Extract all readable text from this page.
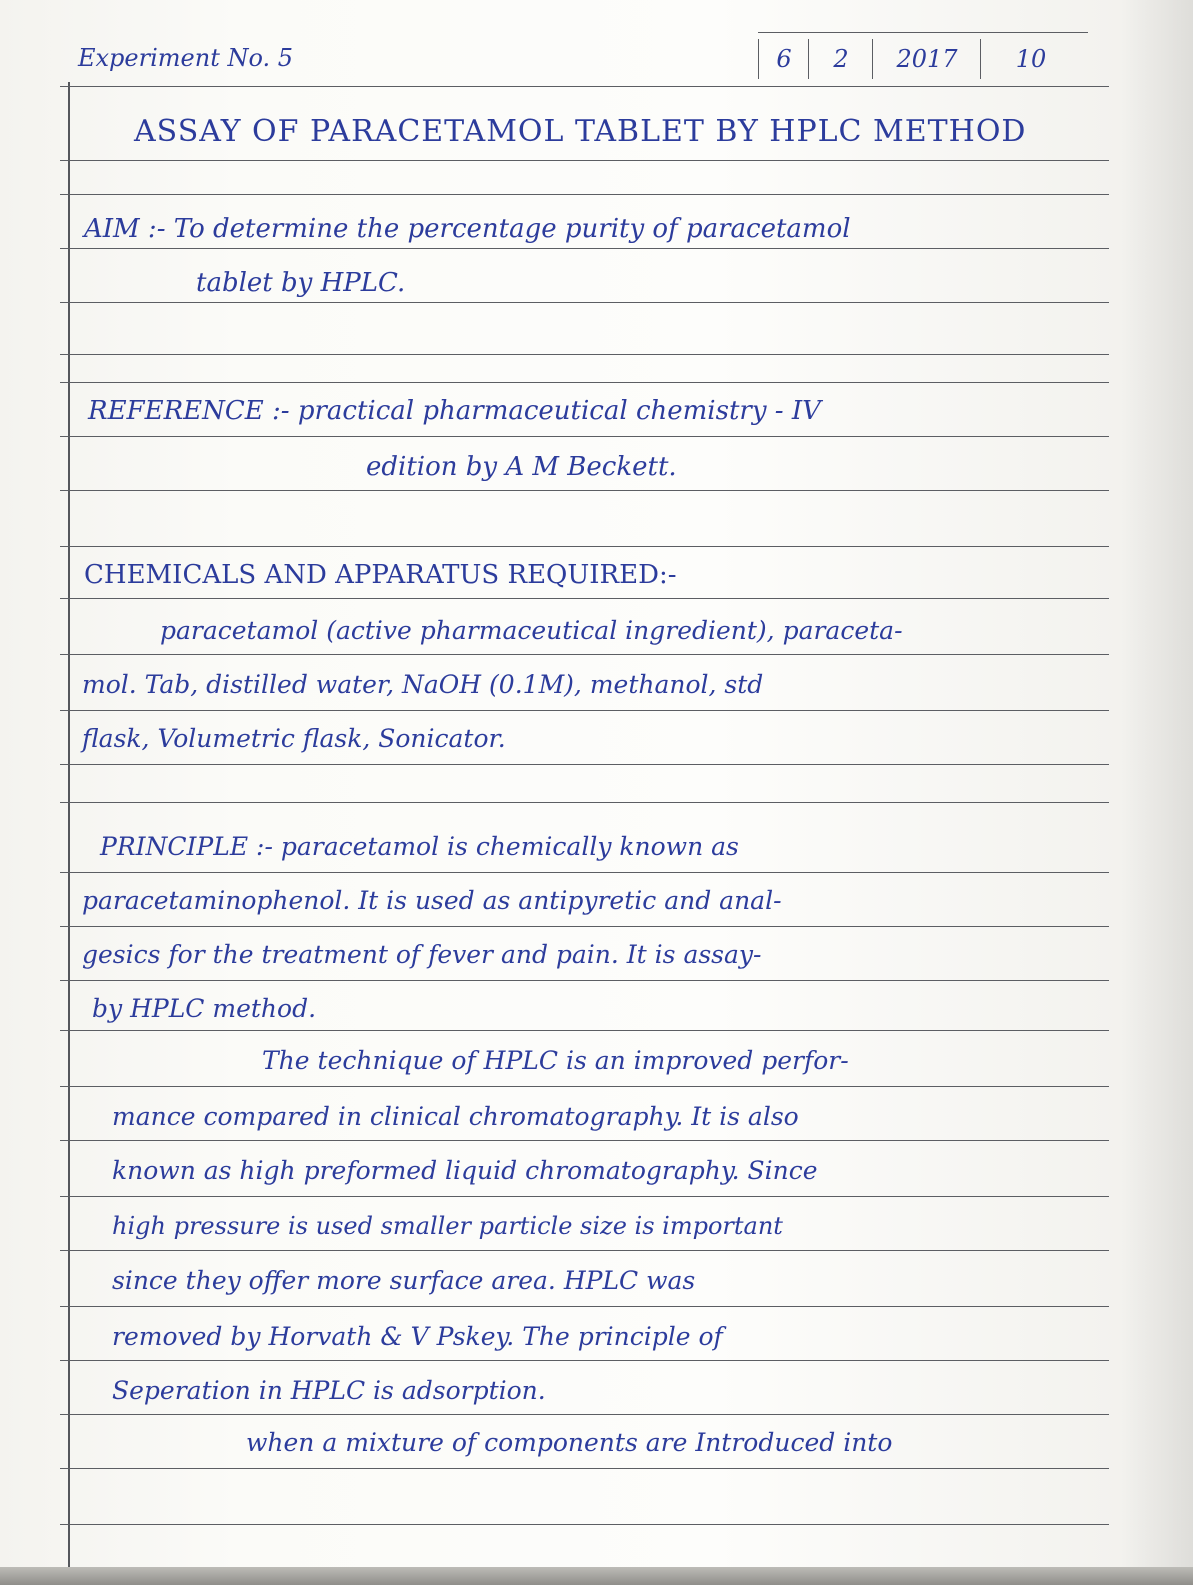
Experiment No. 5	6	2	2017	10
ASSAY OF PARACETAMOL TABLET BY HPLC METHOD
AIM :- To determine the percentage purity of paracetamol
tablet by HPLC.
REFERENCE :- practical pharmaceutical chemistry - IV
edition by A M Beckett.
CHEMICALS AND APPARATUS REQUIRED:-
paracetamol (active pharmaceutical ingredient), paraceta-
mol. Tab, distilled water, NaOH (0.1M), methanol, std
flask, Volumetric flask, Sonicator.
PRINCIPLE :- paracetamol is chemically known as
paracetaminophenol. It is used as antipyretic and anal-
gesics for the treatment of fever and pain. It is assay-
by HPLC method.
The technique of HPLC is an improved perfor-
mance compared in clinical chromatography. It is also
known as high preformed liquid chromatography. Since
high pressure is used smaller particle size is important
since they offer more surface area. HPLC was
removed by Horvath & V Pskey. The principle of
Seperation in HPLC is adsorption.
when a mixture of components are Introduced into
